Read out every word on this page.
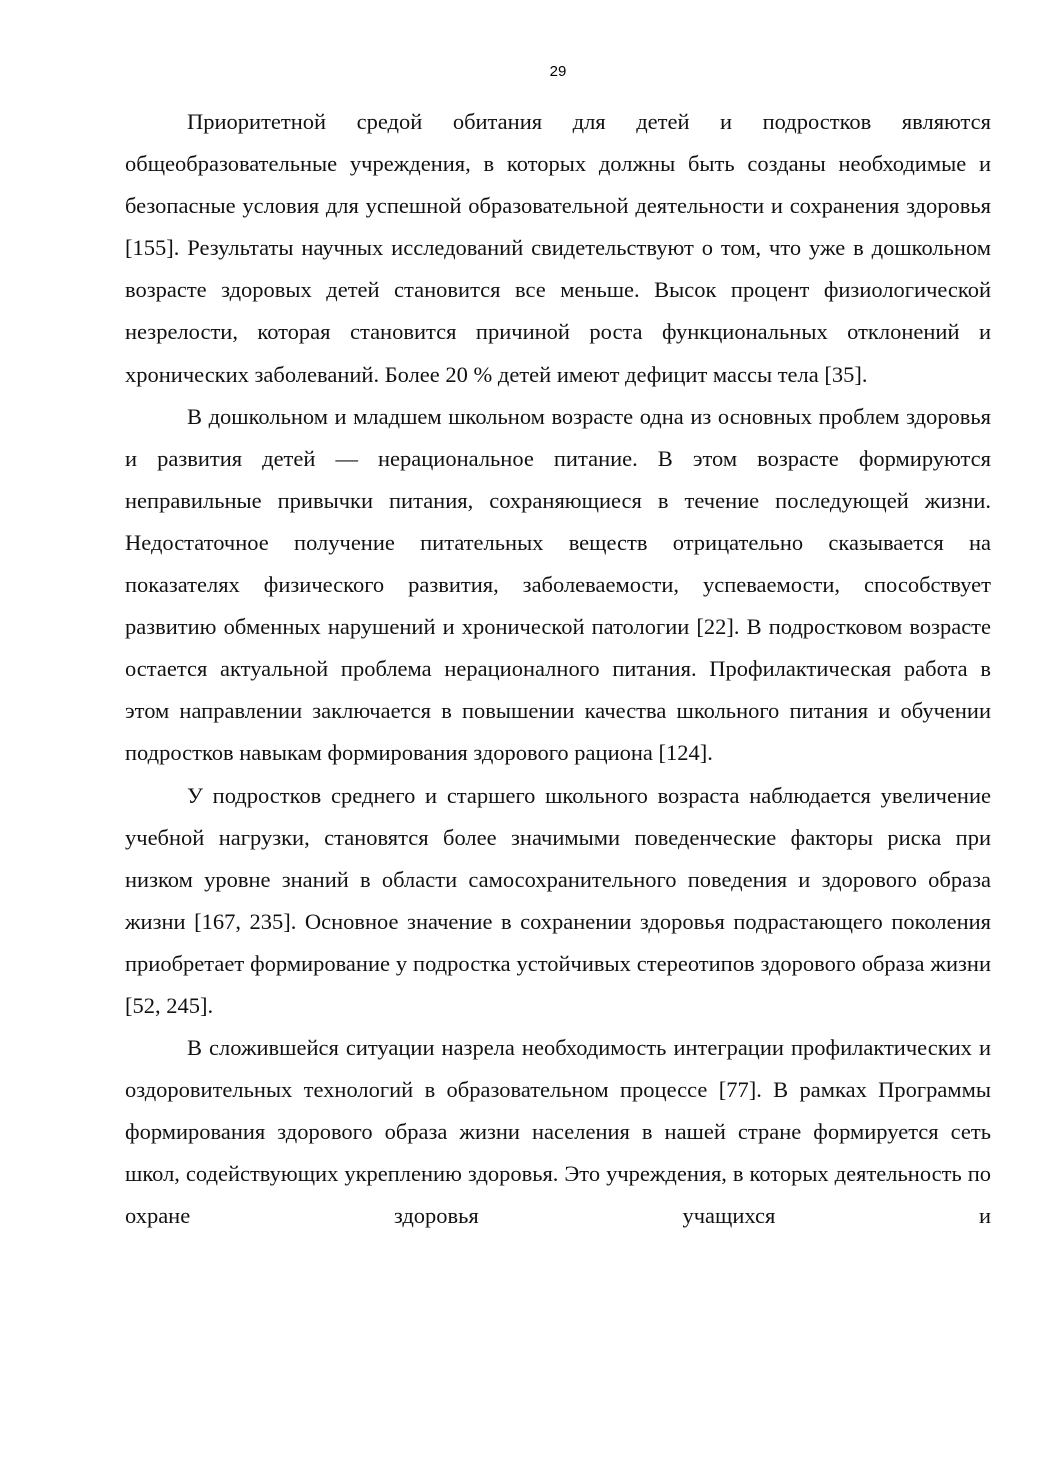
29

Приоритетной средой обитания для детей и подростков являются общеобразовательные учреждения, в которых должны быть созданы необходимые и безопасные условия для успешной образовательной деятельности и сохранения здоровья [155]. Результаты научных исследований свидетельствуют о том, что уже в дошкольном возрасте здоровых детей становится все меньше. Высок процент физиологической незрелости, которая становится причиной роста функциональных отклонений и хронических заболеваний. Более 20 % детей имеют дефицит массы тела [35].

В дошкольном и младшем школьном возрасте одна из основных проблем здоровья и развития детей — нерациональное питание. В этом возрасте формируются неправильные привычки питания, сохраняющиеся в течение последующей жизни. Недостаточное получение питательных веществ отрицательно сказывается на показателях физического развития, заболеваемости, успеваемости, способствует развитию обменных нарушений и хронической патологии [22]. В подростковом возрасте остается актуальной проблема нерационалного питания. Профилактическая работа в этом направлении заключается в повышении качества школьного питания и обучении подростков навыкам формирования здорового рациона [124].

У подростков среднего и старшего школьного возраста наблюдается увеличение учебной нагрузки, становятся более значимыми поведенческие факторы риска при низком уровне знаний в области самосохранительного поведения и здорового образа жизни [167, 235]. Основное значение в сохранении здоровья подрастающего поколения приобретает формирование у подростка устойчивых стереотипов здорового образа жизни [52, 245].

В сложившейся ситуации назрела необходимость интеграции профилактических и оздоровительных технологий в образовательном процессе [77]. В рамках Программы формирования здорового образа жизни населения в нашей стране формируется сеть школ, содействующих укреплению здоровья. Это учреждения, в которых деятельность по охране здоровья учащихся и
